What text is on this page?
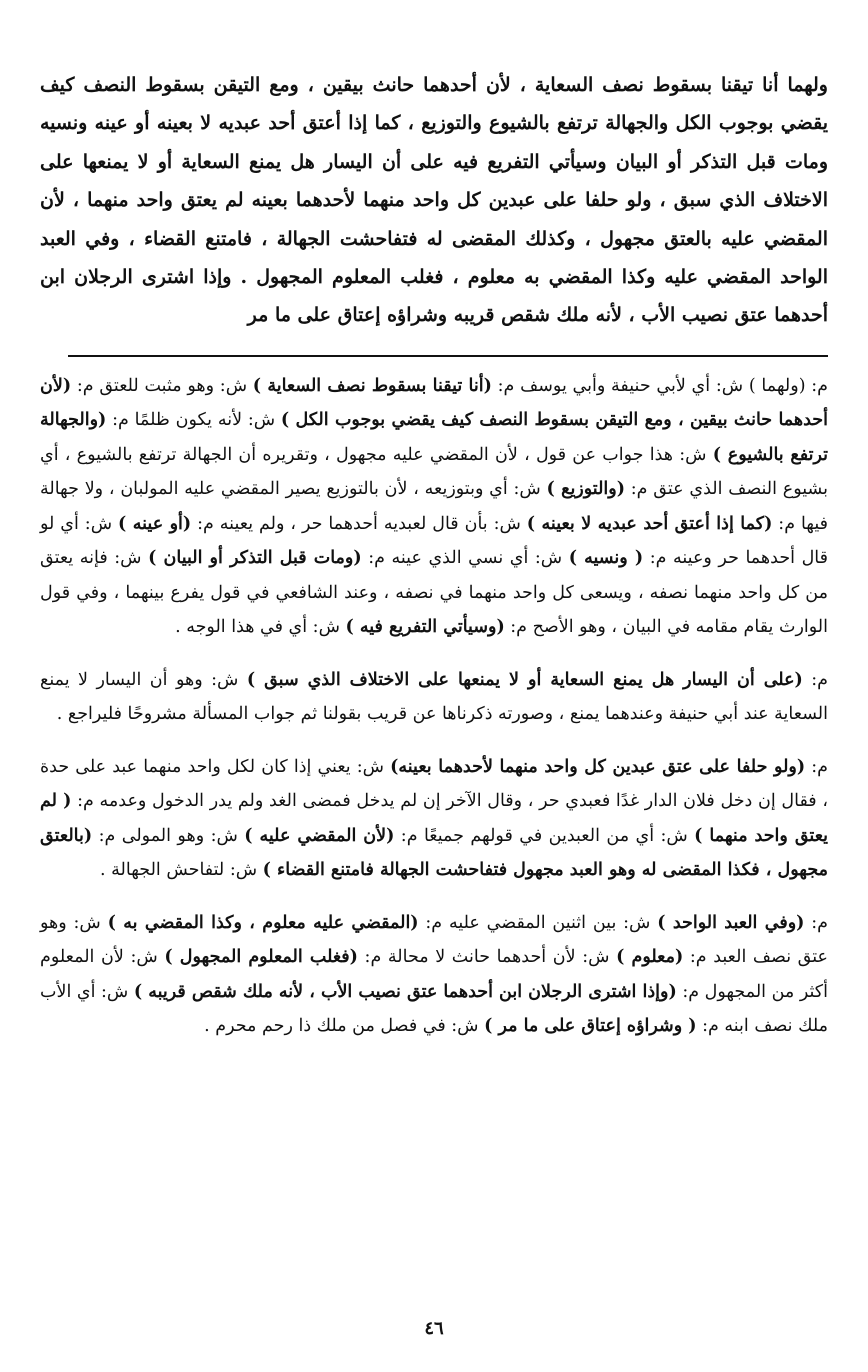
ولهما أنا تيقنا بسقوط نصف السعاية ، لأن أحدهما حانث بيقين ، ومع التيقن بسقوط النصف كيف يقضي بوجوب الكل والجهالة ترتفع بالشيوع والتوزيع ، كما إذا أعتق أحد عبديه لا بعينه أو عينه ونسيه ومات قبل التذكر أو البيان وسيأتي التفريع فيه على أن اليسار هل يمنع السعاية أو لا يمنعها على الاختلاف الذي سبق ، ولو حلفا على عبدين كل واحد منهما لأحدهما بعينه لم يعتق واحد منهما ، لأن المقضي عليه بالعتق مجهول ، وكذلك المقضى له فتفاحشت الجهالة ، فامتنع القضاء ، وفي العبد الواحد المقضي عليه وكذا المقضي به معلوم ، فغلب المعلوم المجهول . وإذا اشترى الرجلان ابن أحدهما عتق نصيب الأب ، لأنه ملك شقص قريبه وشراؤه إعتاق على ما مر

م: (ولهما ) ش: أي لأبي حنيفة وأبي يوسف م: (أنا تيقنا بسقوط نصف السعاية ) ش: وهو مثبت للعتق م: (لأن أحدهما حانث بيقين ، ومع التيقن بسقوط النصف كيف يقضي بوجوب الكل ) ش: لأنه يكون ظلمًا م: (والجهالة ترتفع بالشيوع ) ش: هذا جواب عن قول ، لأن المقضي عليه مجهول ، وتقريره أن الجهالة ترتفع بالشيوع ، أي بشيوع النصف الذي عتق م: (والتوزيع ) ش: أي وبتوزيعه ، لأن بالتوزيع يصير المقضي عليه المولبان ، ولا جهالة فيها م: (كما إذا أعتق أحد عبديه لا بعينه ) ش: بأن قال لعبديه أحدهما حر ، ولم يعينه م: (أو عينه ) ش: أي لو قال أحدهما حر وعينه م: ( ونسيه ) ش: أي نسي الذي عينه م: (ومات قبل التذكر أو البيان ) ش: فإنه يعتق من كل واحد منهما نصفه ، ويسعى كل واحد منهما في نصفه ، وعند الشافعي في قول يفرع بينهما ، وفي قول الوارث يقام مقامه في البيان ، وهو الأصح م: (وسيأتي التفريع فيه ) ش: أي في هذا الوجه .

م: (على أن اليسار هل يمنع السعاية أو لا يمنعها على الاختلاف الذي سبق ) ش: وهو أن اليسار لا يمنع السعاية عند أبي حنيفة وعندهما يمنع ، وصورته ذكرناها عن قريب بقولنا ثم جواب المسألة مشروحًا فليراجع .

م: (ولو حلفا على عتق عبدين كل واحد منهما لأحدهما بعينه) ش: يعني إذا كان لكل واحد منهما عبد على حدة ، فقال إن دخل فلان الدار غدًا فعبدي حر ، وقال الآخر إن لم يدخل فمضى الغد ولم يدر الدخول وعدمه م: ( لم يعتق واحد منهما ) ش: أي من العبدين في قولهم جميعًا م: (لأن المقضي عليه ) ش: وهو المولى م: (بالعتق مجهول ، فكذا المقضى له وهو العبد مجهول فتفاحشت الجهالة فامتنع القضاء ) ش: لتفاحش الجهالة .

م: (وفي العبد الواحد ) ش: بين اثنين المقضي عليه م: (المقضي عليه معلوم ، وكذا المقضي به ) ش: وهو عتق نصف العبد م: (معلوم ) ش: لأن أحدهما حانث لا محالة م: (فغلب المعلوم المجهول ) ش: لأن المعلوم أكثر من المجهول م: (وإذا اشترى الرجلان ابن أحدهما عتق نصيب الأب ، لأنه ملك شقص قريبه ) ش: أي الأب ملك نصف ابنه م: ( وشراؤه إعتاق على ما مر ) ش: في فصل من ملك ذا رحم محرم .

٤٦
